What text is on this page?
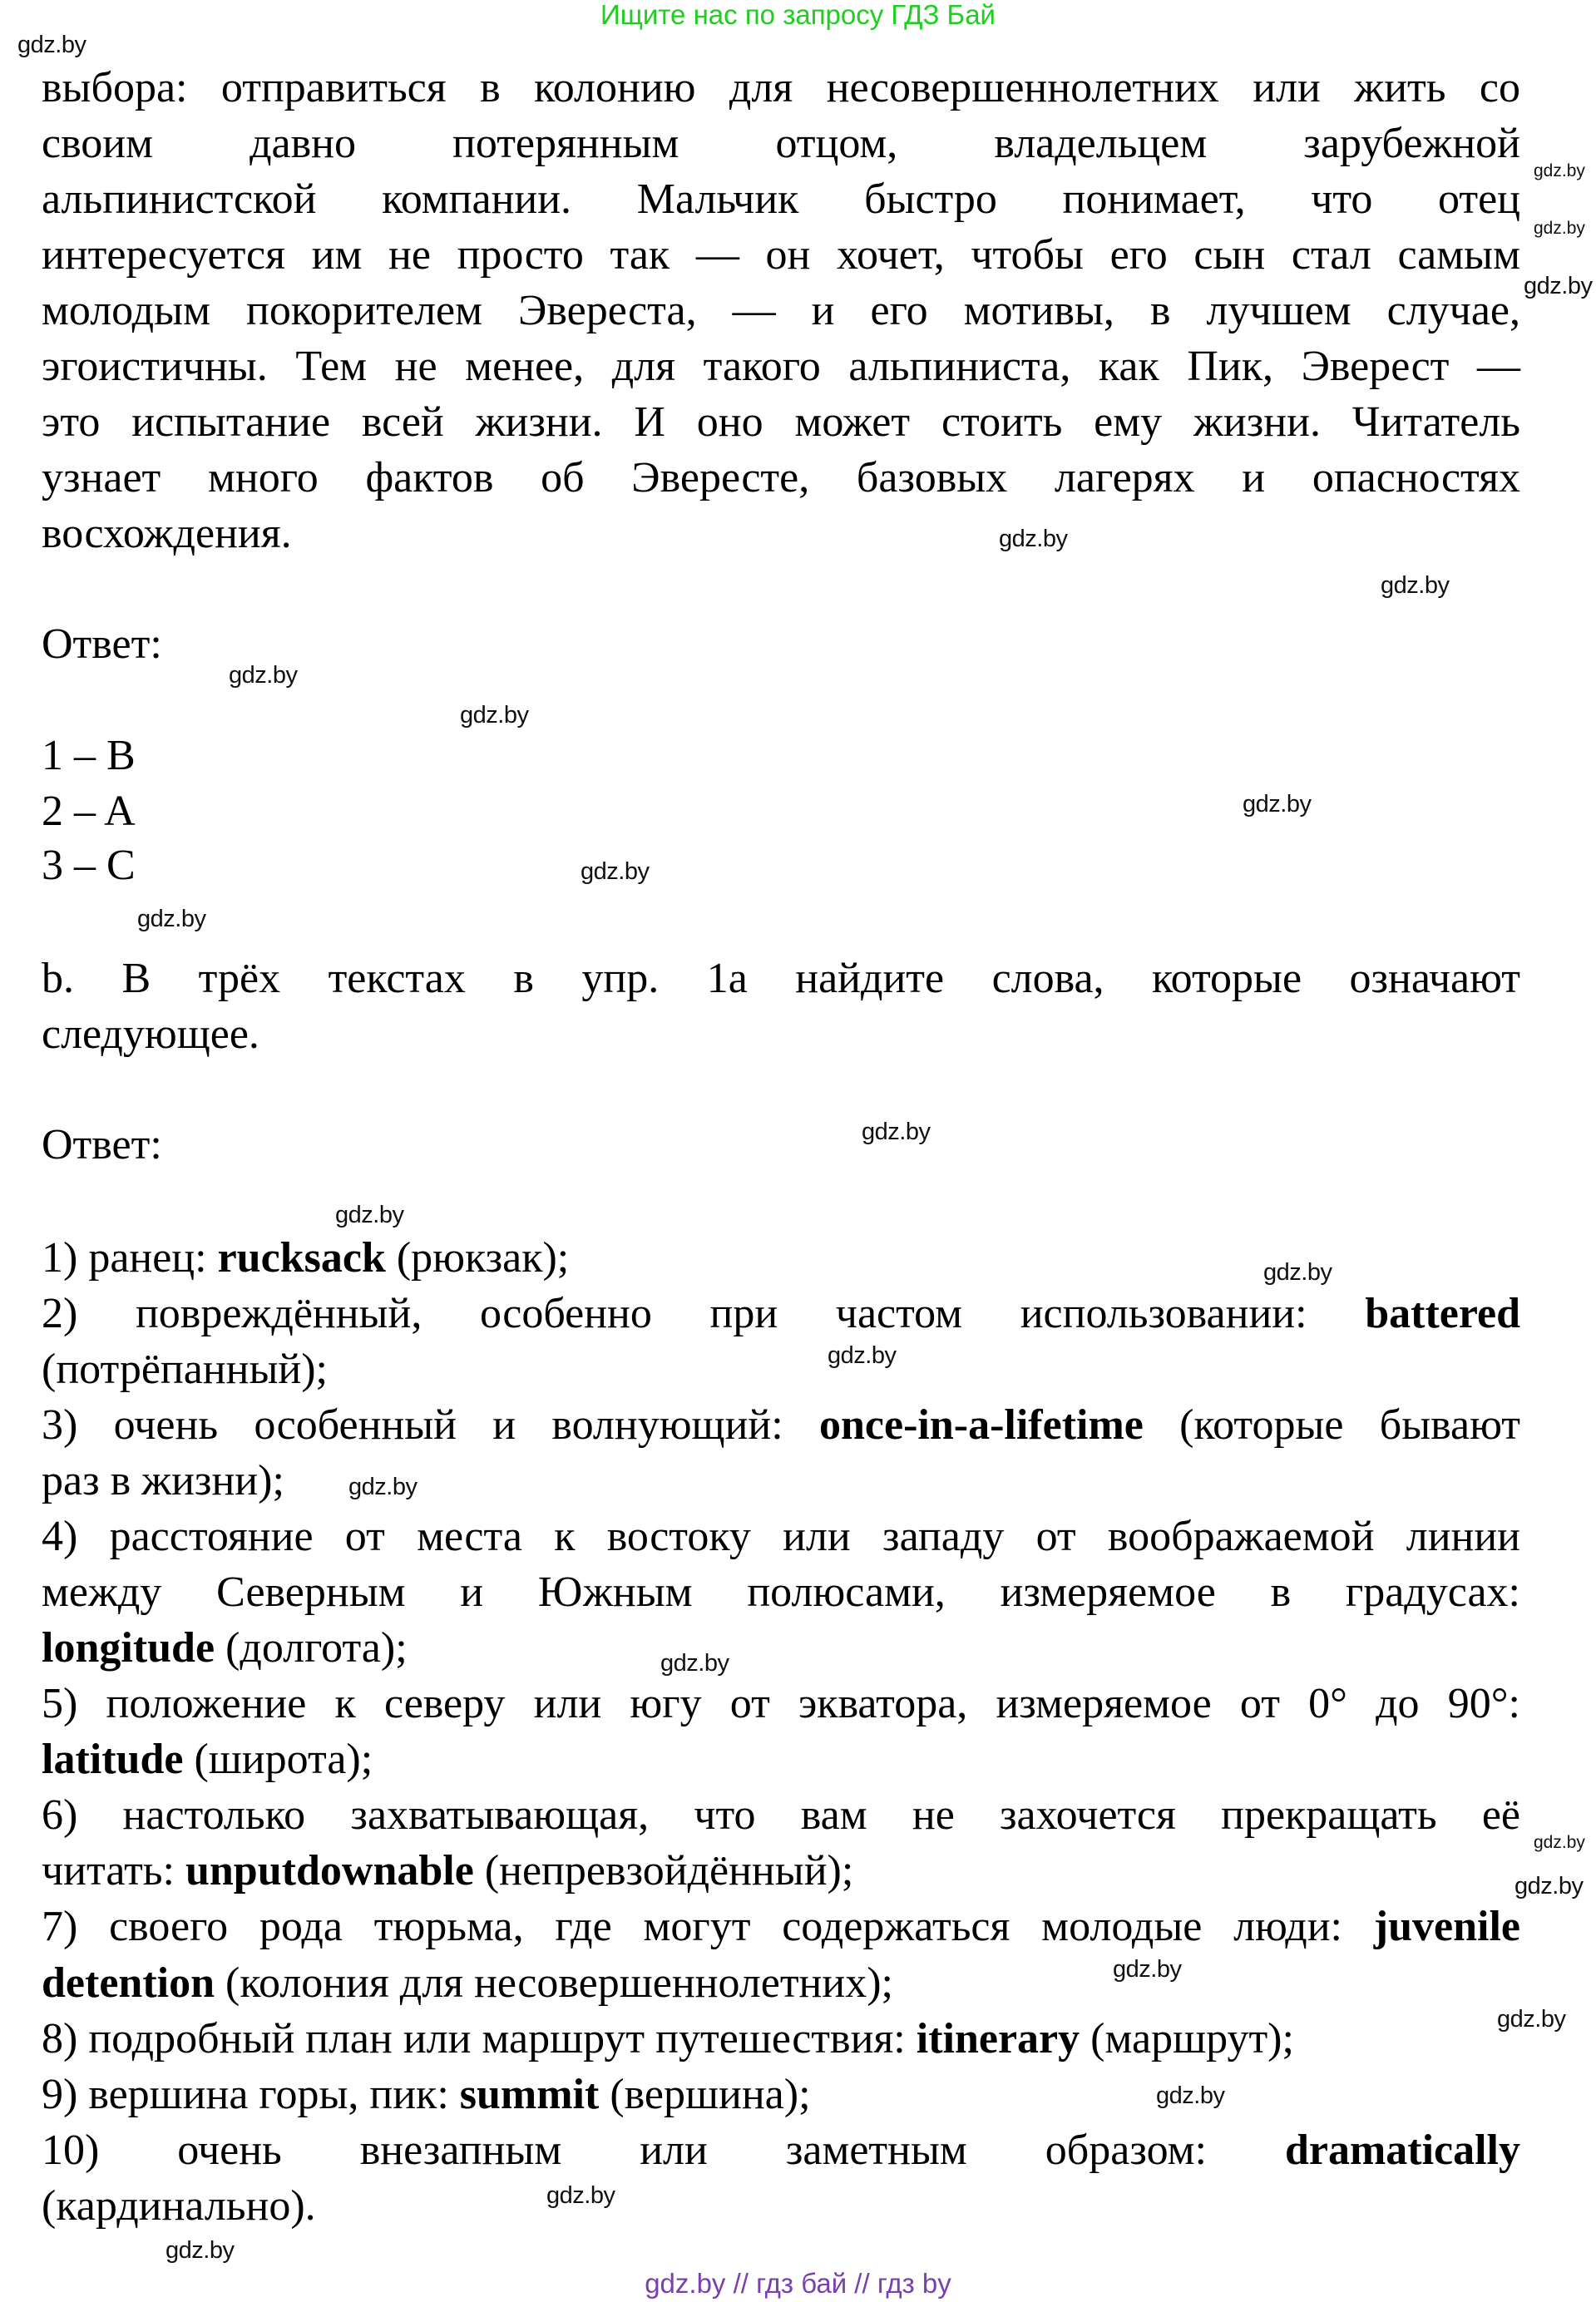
Ищите нас по запросу ГДЗ Бай
выбора: отправиться в колонию для несовершеннолетних или жить со
своим давно потерянным отцом, владельцем зарубежной
альпинистской компании. Мальчик быстро понимает, что отец
интересуется им не просто так — он хочет, чтобы его сын стал самым
молодым покорителем Эвереста, — и его мотивы, в лучшем случае,
эгоистичны. Тем не менее, для такого альпиниста, как Пик, Эверест —
это испытание всей жизни. И оно может стоить ему жизни. Читатель
узнает много фактов об Эвересте, базовых лагерях и опасностях
восхождения.
Ответ:
1 – B
2 – A
3 – C
b. В трёх текстах в упр. 1a найдите слова, которые означают
следующее.
Ответ:
1) ранец: rucksack (рюкзак);
2) повреждённый, особенно при частом использовании: battered
(потрёпанный);
3) очень особенный и волнующий: once-in-a-lifetime (которые бывают
раз в жизни);
4) расстояние от места к востоку или западу от воображаемой линии
между Северным и Южным полюсами, измеряемое в градусах:
longitude (долгота);
5) положение к северу или югу от экватора, измеряемое от 0° до 90°:
latitude (широта);
6) настолько захватывающая, что вам не захочется прекращать её
читать: unputdownable (непревзойдённый);
7) своего рода тюрьма, где могут содержаться молодые люди: juvenile
detention (колония для несовершеннолетних);
8) подробный план или маршрут путешествия: itinerary (маршрут);
9) вершина горы, пик: summit (вершина);
10) очень внезапным или заметным образом: dramatically
(кардинально).
gdz.by
gdz.by
gdz.by
gdz.by
gdz.by
gdz.by
gdz.by
gdz.by
gdz.by
gdz.by
gdz.by
gdz.by
gdz.by
gdz.by
gdz.by
gdz.by
gdz.by
gdz.by
gdz.by
gdz.by
gdz.by
gdz.by
gdz.by
gdz.by
gdz.by // гдз бай // гдз by
